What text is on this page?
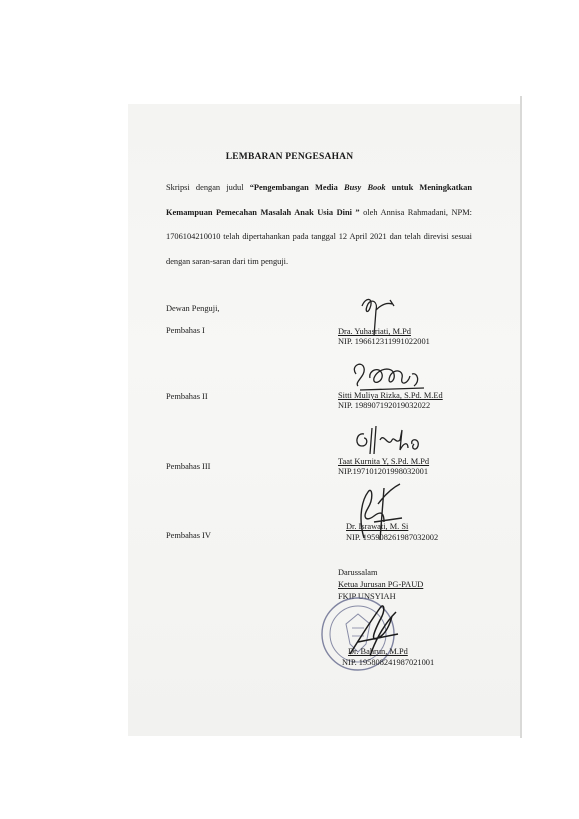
LEMBARAN PENGESAHAN
Skripsi dengan judul “Pengembangan Media Busy Book untuk Meningkatkan Kemampuan Pemecahan Masalah Anak Usia Dini ” oleh Annisa Rahmadani, NPM: 1706104210010 telah dipertahankan pada tanggal 12 April 2021 dan telah direvisi sesuai dengan saran-saran dari tim penguji.
Dewan Penguji,
Pembahas I	Dra. Yuhasriati, M.Pd
NIP. 196612311991022001
Pembahas II	Sitti Muliya Rizka, S.Pd. M.Ed
NIP. 198907192019032022
Pembahas III
Taat Kurnita Y, S.Pd. M.Pd
NIP.197101201998032001
Pembahas IV
Dr. Israwati, M. Si
NIP. 195908261987032002
Darussalam
Ketua Jurusan PG-PAUD
FKIP UNSYIAH
Dr. Bahrun, M.Pd
NIP. 195808241987021001
